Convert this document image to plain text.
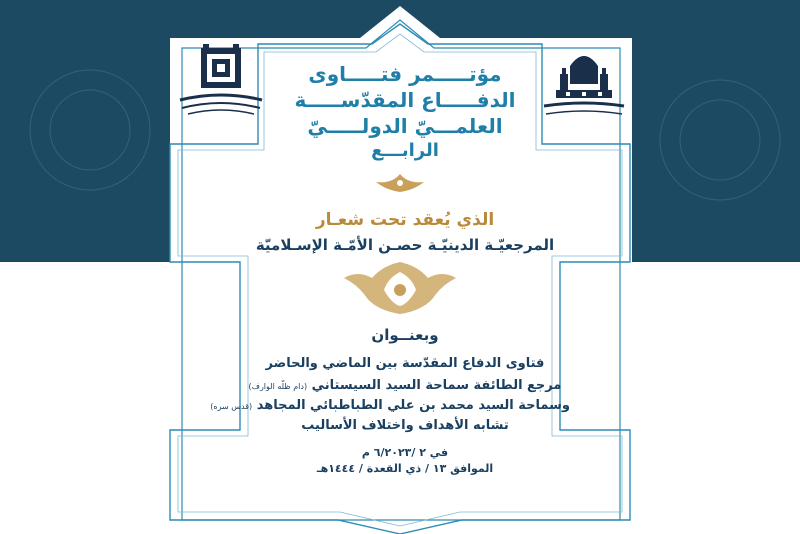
مؤتـــــمر فتـــــاوى
الدفـــــاع المقدّســـــة
العلمـــيّ الدولـــــيّ
الرابـــع
الذي يُعقد تحت شعـار
المرجعيّـة الدينيّـة حصـن الأمّـة الإسـلاميّة
وبعنــوان
فتاوى الدفاع المقدّسة بين الماضي والحاضر
مرجع الطائفة سماحة السيد السيستاني (دام ظلّه الوارف)
وسماحة السيد محمد بن علي الطباطبائي المجاهد (قدس سره)
تشابه الأهداف واختلاف الأساليب
في ٢ /٦/٢٠٢٣ م
الموافق ١٣ / ذي القعدة / ١٤٤٤هـ
